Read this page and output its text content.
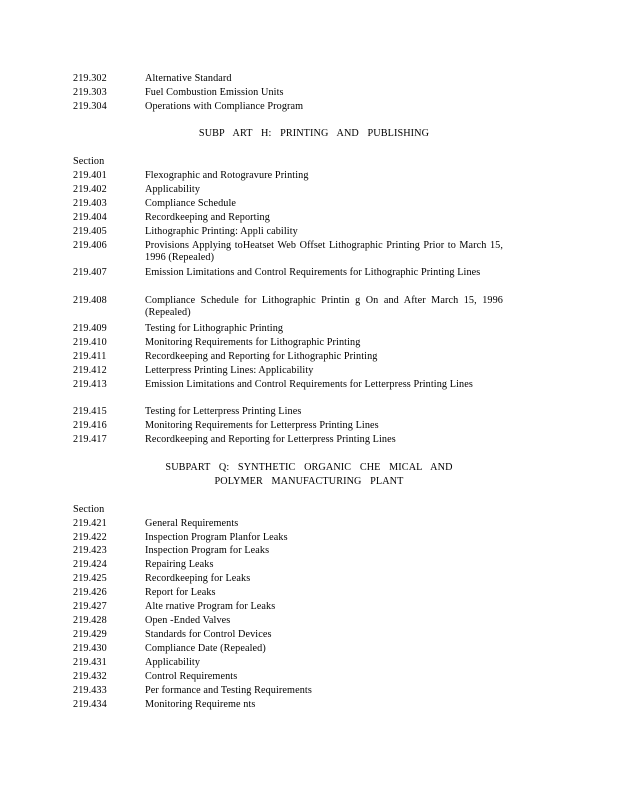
219.302	Alternative Standard
219.303	Fuel Combustion Emission Units
219.304	Operations with Compliance Program
SUBP ART H: PRINTING AND PUBLISHING
Section
219.401	Flexographic and Rotogravure Printing
219.402	Applicability
219.403	Compliance Schedule
219.404	Recordkeeping and Reporting
219.405	Lithographic Printing: Appli cability
219.406	Provisions Applying toHeatset Web Offset Lithographic Printing Prior to March 15, 1996 (Repealed)
219.407	Emission Limitations and Control Requirements for Lithographic Printing Lines
219.408	Compliance Schedule for Lithographic Printin g On and After March 15, 1996 (Repealed)
219.409	Testing for Lithographic Printing
219.410	Monitoring Requirements for Lithographic Printing
219.411	Recordkeeping and Reporting for Lithographic Printing
219.412	Letterpress Printing Lines: Applicability
219.413	Emission Limitations and Control Requirements for Letterpress Printing Lines
219.415	Testing for Letterpress Printing Lines
219.416	Monitoring Requirements for Letterpress Printing Lines
219.417	Recordkeeping and Reporting for Letterpress Printing Lines
SUBPART Q: SYNTHETIC ORGANIC CHE MICAL AND
POLYMER MANUFACTURING PLANT
Section
219.421	General Requirements
219.422	Inspection Program Planfor Leaks
219.423	Inspection Program for Leaks
219.424	Repairing Leaks
219.425	Recordkeeping for Leaks
219.426	Report for Leaks
219.427	Alte rnative Program for Leaks
219.428	Open -Ended Valves
219.429	Standards for Control Devices
219.430	Compliance Date (Repealed)
219.431	Applicability
219.432	Control Requirements
219.433	Per formance and Testing Requirements
219.434	Monitoring Requireme nts
